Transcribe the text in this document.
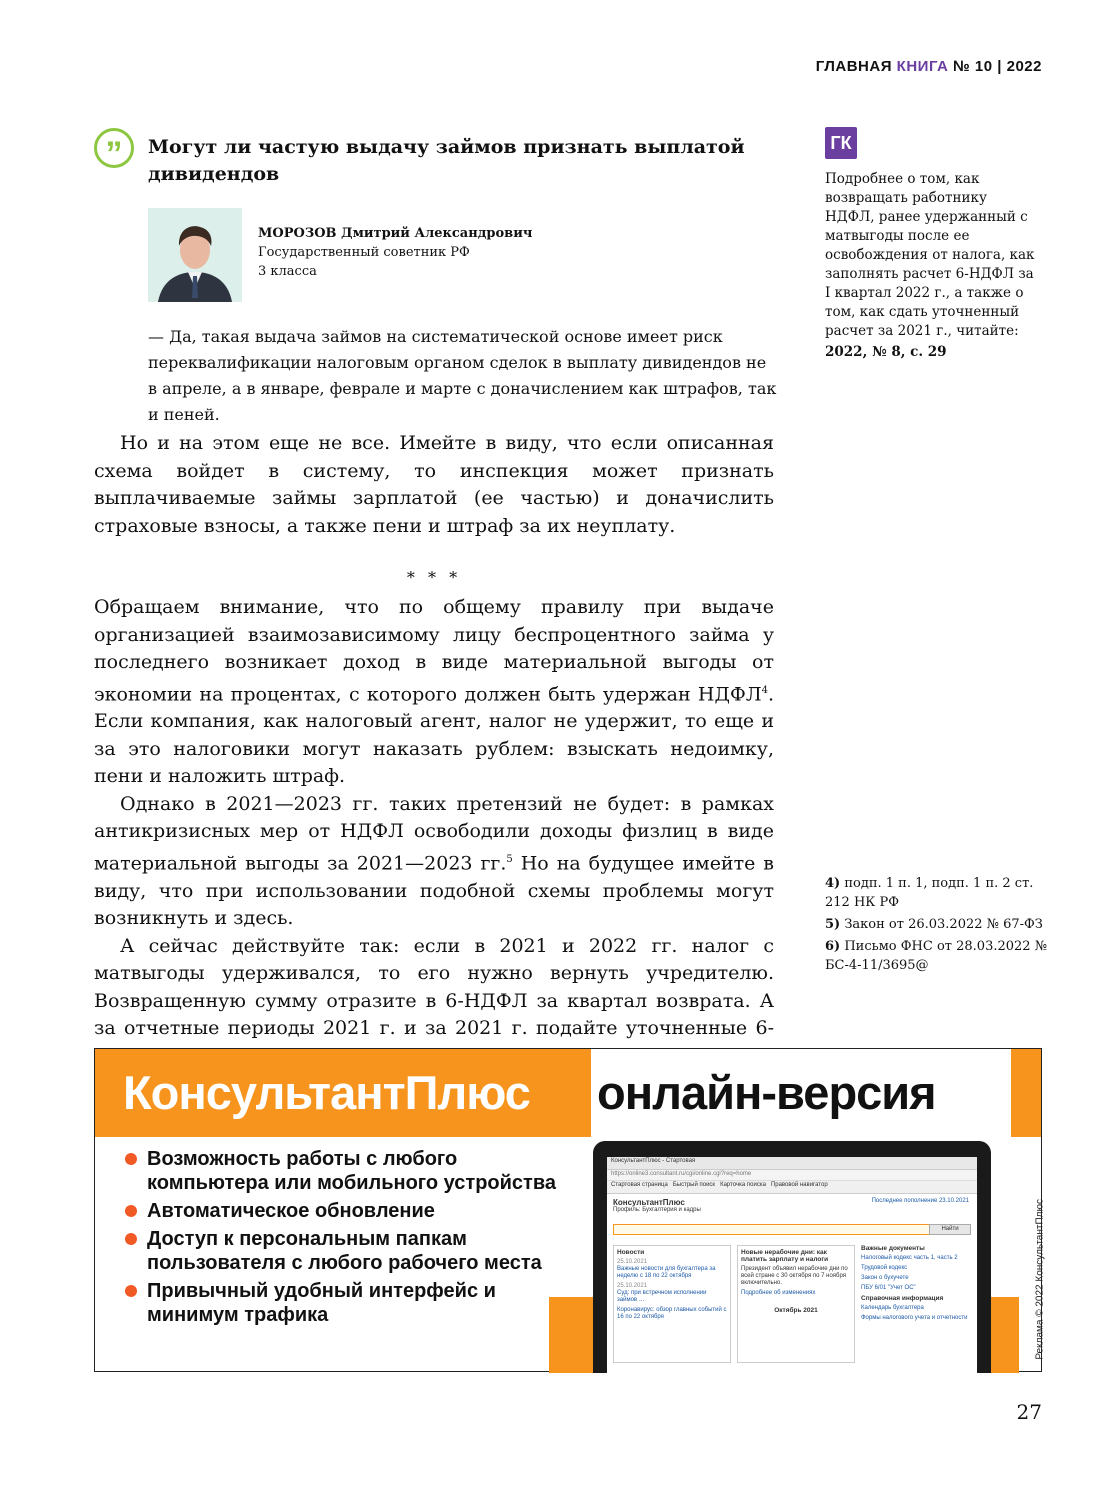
ГЛАВНАЯ КНИГА № 10 | 2022
” Могут ли частую выдачу займов признать выплатой дивидендов
МОРОЗОВ Дмитрий Александрович
Государственный советник РФ
3 класса
— Да, такая выдача займов на систематической основе имеет риск переквалификации налоговым органом сделок в выплату дивидендов не в апреле, а в январе, феврале и марте с доначислением как штрафов, так и пеней.

Но и на этом еще не все. Имейте в виду, что если описанная схема войдет в систему, то инспекция может признать выплачиваемые займы зарплатой (ее частью) и доначислить страховые взносы, а также пени и штраф за их неуплату.

* * *

Обращаем внимание, что по общему правилу при выдаче организацией взаимозависимому лицу беспроцентного займа у последнего возникает доход в виде материальной выгоды от экономии на процентах, с которого должен быть удержан НДФЛ$^4$. Если компания, как налоговый агент, налог не удержит, то еще и за это налоговики могут наказать рублем: взыскать недоимку, пени и наложить штраф.

Однако в 2021—2023 гг. таких претензий не будет: в рамках антикризисных мер от НДФЛ освободили доходы физлиц в виде материальной выгоды за 2021—2023 гг.$^5$ Но на будущее имейте в виду, что при использовании подобной схемы проблемы могут возникнуть и здесь.

А сейчас действуйте так: если в 2021 и 2022 гг. налог с матвыгоды удерживался, то его нужно вернуть учредителю. Возвращенную сумму отразите в 6-НДФЛ за квартал возврата. А за отчетные периоды 2021 г. и за 2021 г. подайте уточненные 6-

ГК
Подробнее о том, как возвращать работнику НДФЛ, ранее удержанный с матвыгоды после ее освобождения от налога, как заполнять расчет 6-НДФЛ за I квартал 2022 г., а также о том, как сдать уточненный расчет за 2021 г., читайте:
2022, № 8, с. 29
4) подп. 1 п. 1, подп. 1 п. 2 ст. 212 НК РФ
5) Закон от 26.03.2022 № 67-ФЗ
6) Письмо ФНС от 28.03.2022 № БС-4-11/3695@
КонсультантПлюс онлайн-версия
Возможность работы с любого компьютера или мобильного устройства
Автоматическое обновление
Доступ к персональным папкам пользователя с любого рабочего места
Привычный удобный интерфейс и минимум трафика
КонсультантПлюс - Стартовая
https://online3.consultant.ru/cgi/online.cgi?req=home
Стартовая страница Быстрый поиск Карточка поиска Правовой навигатор
КонсультантПлюс
Профиль: Бухгалтерия и кадры
Последнее пополнение 23.10.2021
Найти
Новости
25.10.2021
Важные новости для бухгалтера за неделю с 18 по 22 октября
25.10.2021
Суд: при встречном исполнении займов …
Коронавирус: обзор главных событий с 16 по 22 октября
Новые нерабочие дни: как платить зарплату и налоги
Президент объявил нерабочие дни по всей стране с 30 октября по 7 ноября включительно.
Подробнее об изменениях
Октябрь 2021
Важные документы
Налоговый кодекс часть 1, часть 2
Трудовой кодекс
Закон о бухучете
ПБУ 6/01 "Учет ОС"
Справочная информация
Календарь бухгалтера
Формы налогового учета и отчетности	Реклама © 2022 КонсультантПлюс
27
